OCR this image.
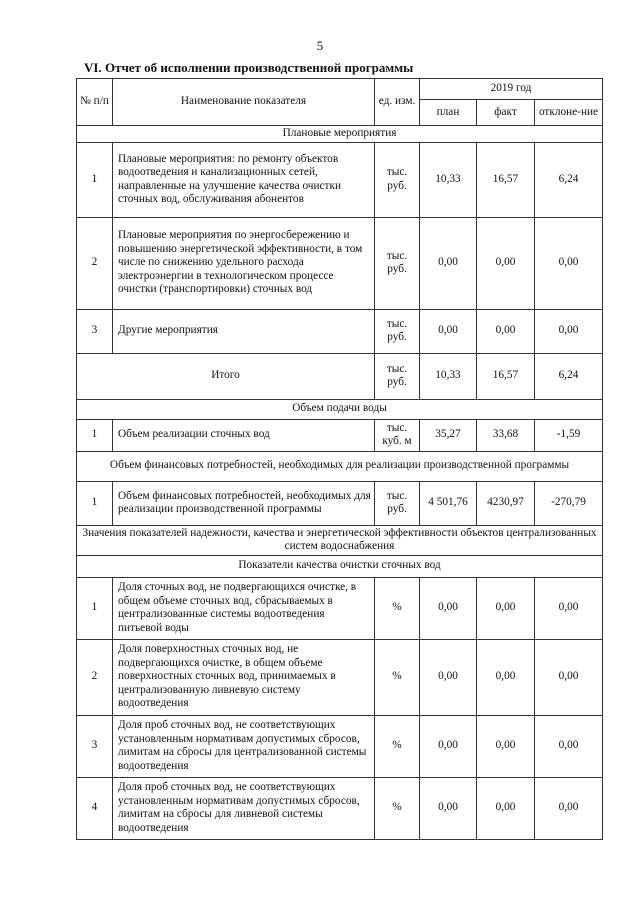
5
VI. Отчет об исполнении производственной программы
№ п/п	Наименование показателя	ед. изм.	2019 год		
			план	факт	отклоне-ние
Плановые мероприятия					
1	Плановые мероприятия: по ремонту объектов водоотведения и канализационных сетей, направленные на улучшение качества очистки сточных вод, обслуживания абонентов	тыс. руб.	10,33	16,57	6,24
2	Плановые мероприятия по энергосбережению и повышению энергетической эффективности, в том числе по снижению удельного расхода электроэнергии в технологическом процессе очистки (транспортировки) сточных вод	тыс. руб.	0,00	0,00	0,00
3	Другие мероприятия	тыс. руб.	0,00	0,00	0,00
Итого		тыс. руб.	10,33	16,57	6,24
Объем подачи воды					
1	Объем реализации сточных вод	тыс. куб. м	35,27	33,68	-1,59
Объем финансовых потребностей, необходимых для реализации производственной программы					
1	Объем финансовых потребностей, необходимых для реализации производственной программы	тыс. руб.	4 501,76	4230,97	-270,79
Значения показателей надежности, качества и энергетической эффективности объектов централизованных систем водоснабжения					
Показатели качества очистки сточных вод					
1	Доля сточных вод, не подвергающихся очистке, в общем объеме сточных вод, сбрасываемых в централизованные системы водоотведения питьевой воды	%	0,00	0,00	0,00
2	Доля поверхностных сточных вод, не подвергающихся очистке, в общем объеме поверхностных сточных вод, принимаемых в централизованную ливневую систему водоотведения	%	0,00	0,00	0,00
3	Доля проб сточных вод, не соответствующих установленным нормативам допустимых сбросов, лимитам на сбросы для централизованной системы водоотведения	%	0,00	0,00	0,00
4	Доля проб сточных вод, не соответствующих установленным нормативам допустимых сбросов, лимитам на сбросы для ливневой системы водоотведения	%	0,00	0,00	0,00
